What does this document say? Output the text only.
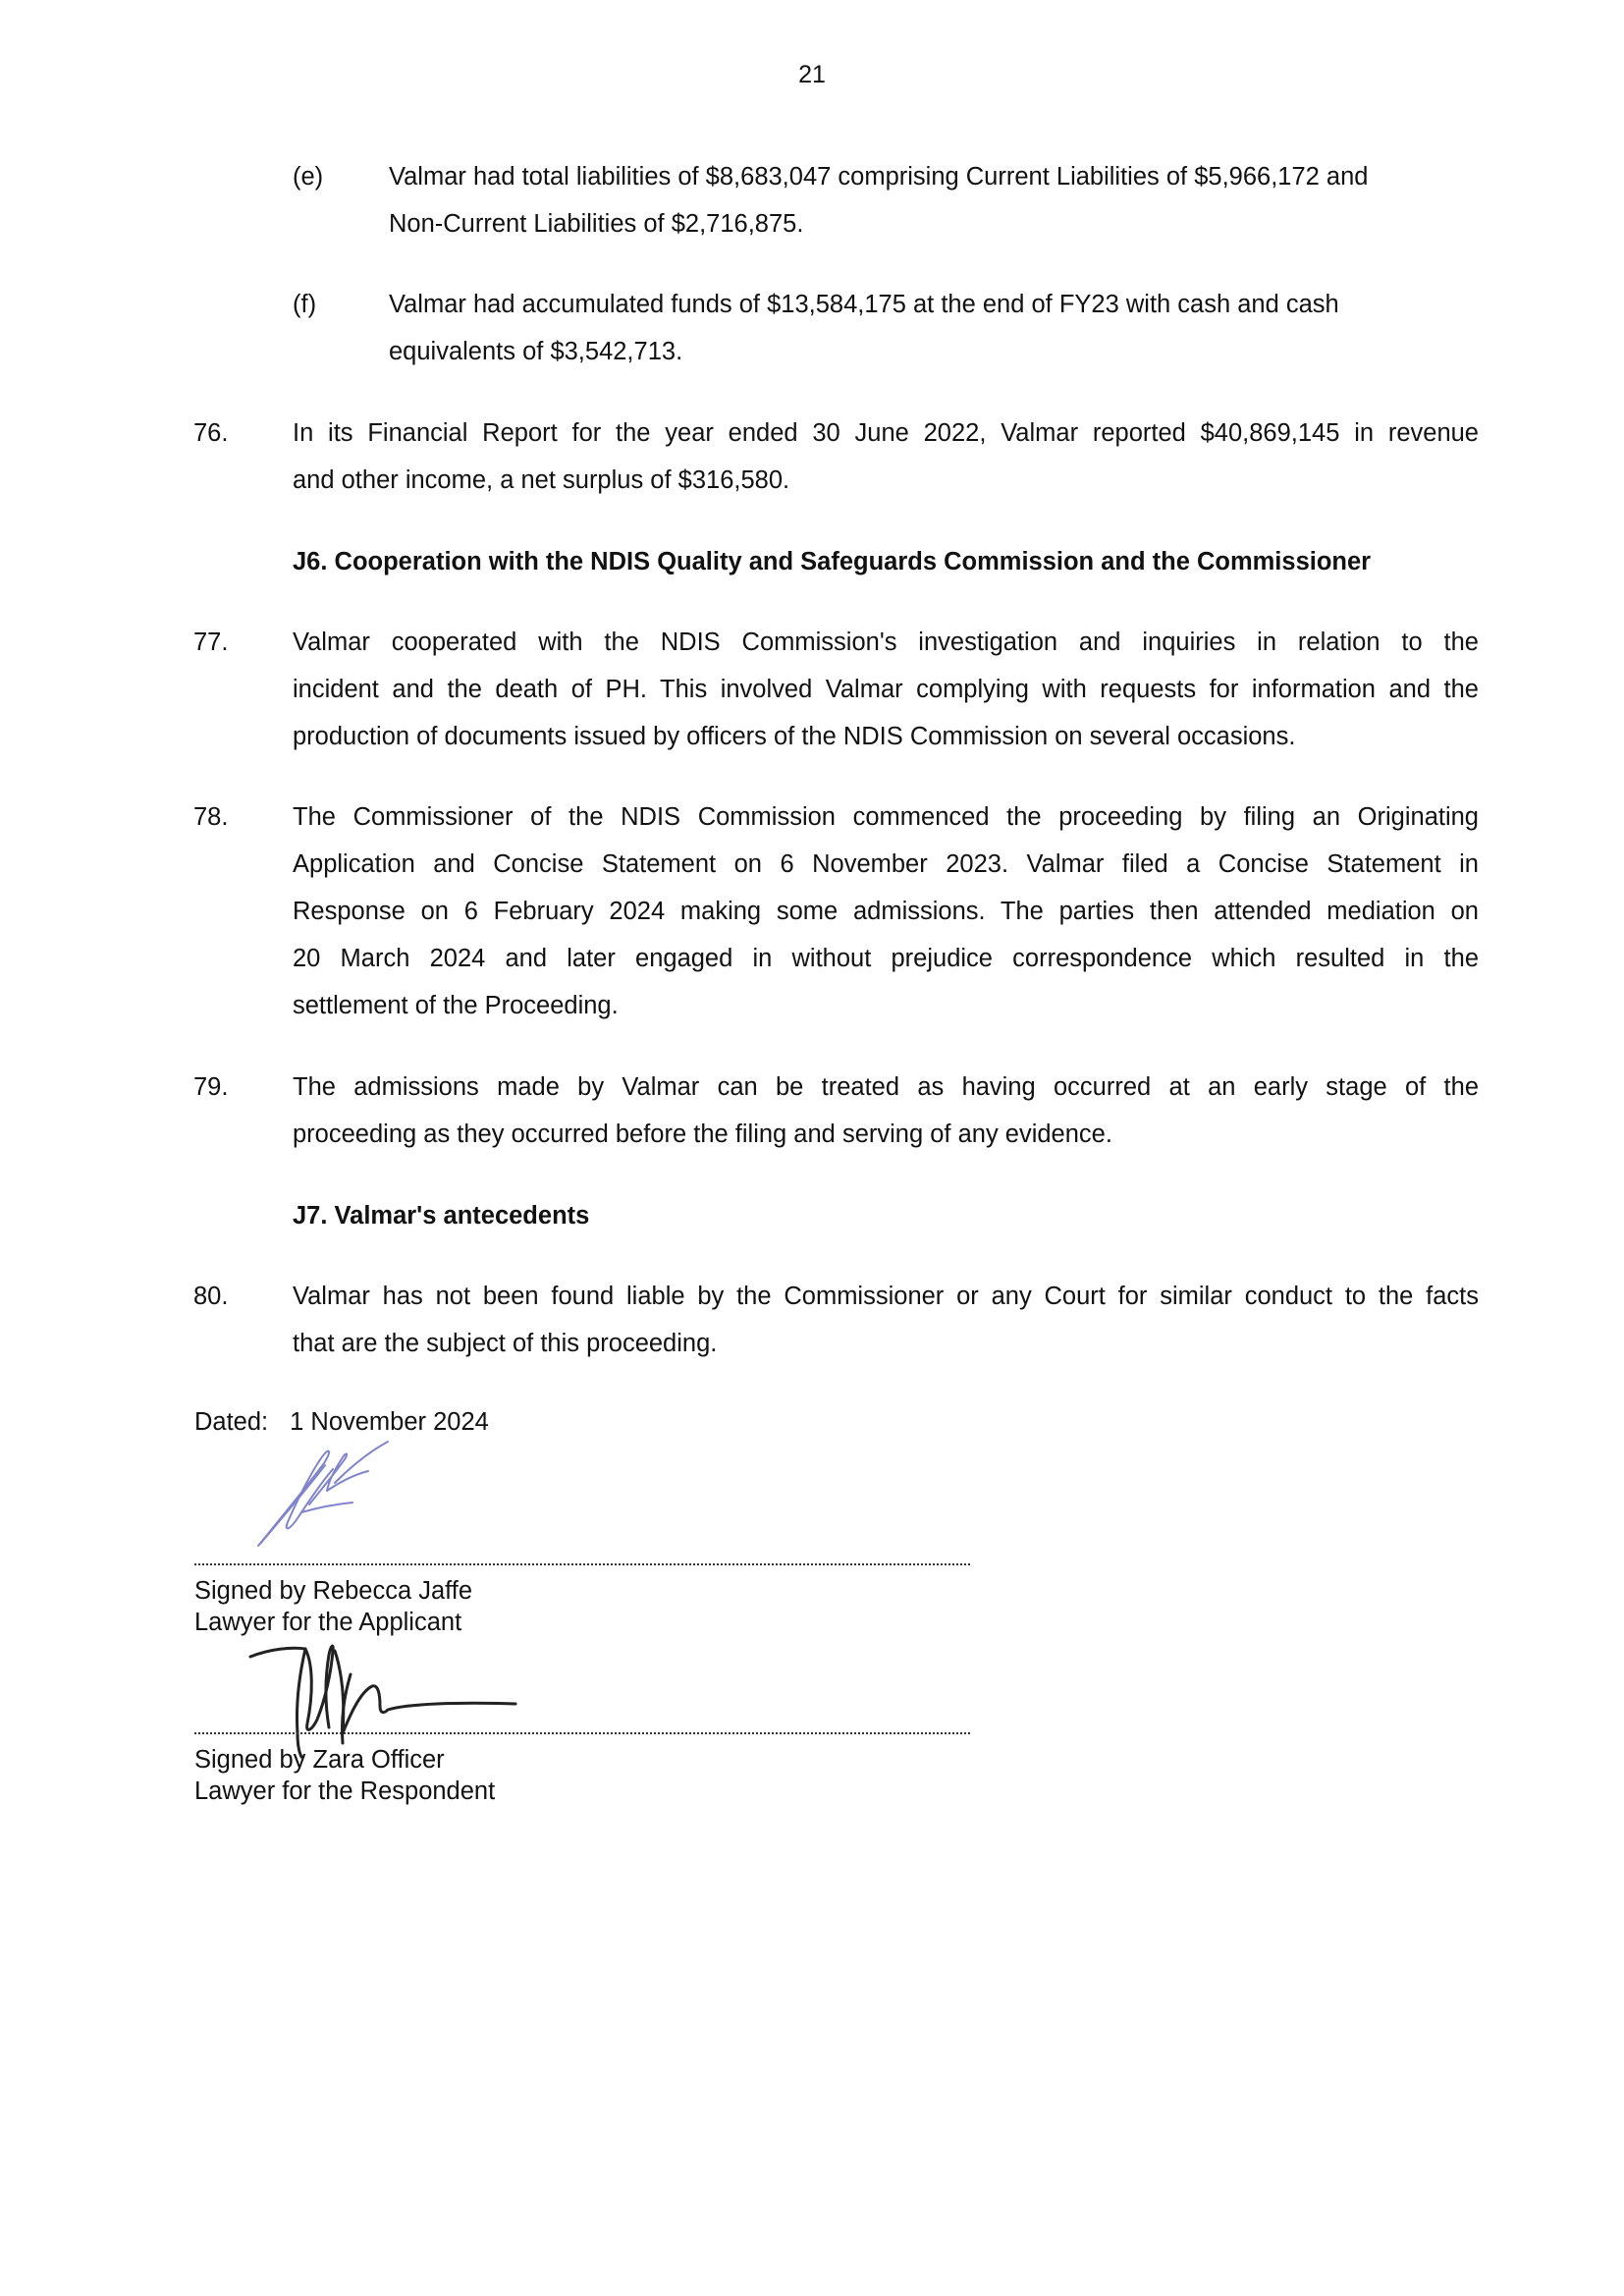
21
(e)	Valmar had total liabilities of $8,683,047 comprising Current Liabilities of $5,966,172 and
Non-Current Liabilities of $2,716,875.
(f)	Valmar had accumulated funds of $13,584,175 at the end of FY23 with cash and cash
equivalents of $3,542,713.
76.	In its Financial Report for the year ended 30 June 2022, Valmar reported $40,869,145 in revenue
and other income, a net surplus of $316,580.
J6. Cooperation with the NDIS Quality and Safeguards Commission and the Commissioner
77.	Valmar cooperated with the NDIS Commission's investigation and inquiries in relation to the
incident and the death of PH. This involved Valmar complying with requests for information and the
production of documents issued by officers of the NDIS Commission on several occasions.
78.	The Commissioner of the NDIS Commission commenced the proceeding by filing an Originating
Application and Concise Statement on 6 November 2023. Valmar filed a Concise Statement in
Response on 6 February 2024 making some admissions. The parties then attended mediation on
20 March 2024 and later engaged in without prejudice correspondence which resulted in the
settlement of the Proceeding.
79.	The admissions made by Valmar can be treated as having occurred at an early stage of the
proceeding as they occurred before the filing and serving of any evidence.
J7. Valmar's antecedents
80.	Valmar has not been found liable by the Commissioner or any Court for similar conduct to the facts
that are the subject of this proceeding.
Dated: 1 November 2024
Signed by Rebecca Jaffe
Lawyer for the Applicant
Signed by Zara Officer
Lawyer for the Respondent
